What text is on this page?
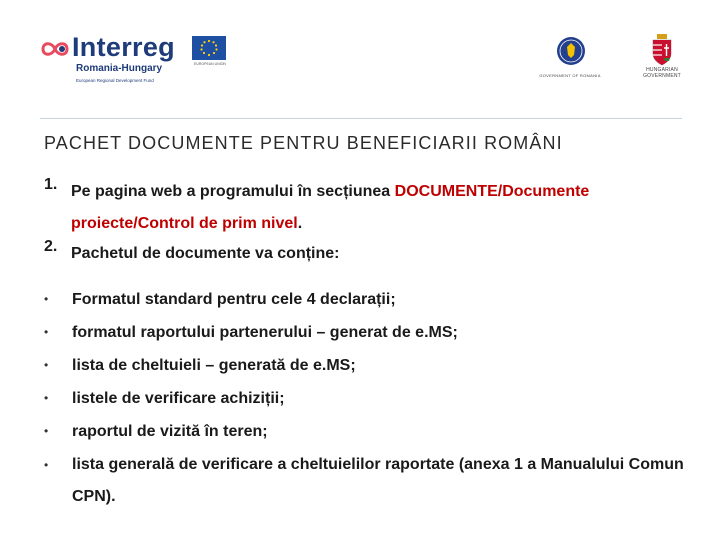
Interreg
EUROPEAN UNION
Romania-Hungary
European Regional Development Fund
GOVERNMENT OF ROMANIA
HUNGARIAN
GOVERNMENT
PACHET DOCUMENTE PENTRU BENEFICIARII ROMÂNI
1. Pe pagina web a programului în secțiunea DOCUMENTE/Documente proiecte/Control de prim nivel.
2. Pachetul de documente va conține:
• Formatul standard pentru cele 4 declarații;
• formatul raportului partenerului – generat de e.MS;
• lista de cheltuieli – generată de e.MS;
• listele de verificare achiziții;
• raportul de vizită în teren;
• lista generală de verificare a cheltuielilor raportate (anexa 1 a Manualului Comun CPN).
